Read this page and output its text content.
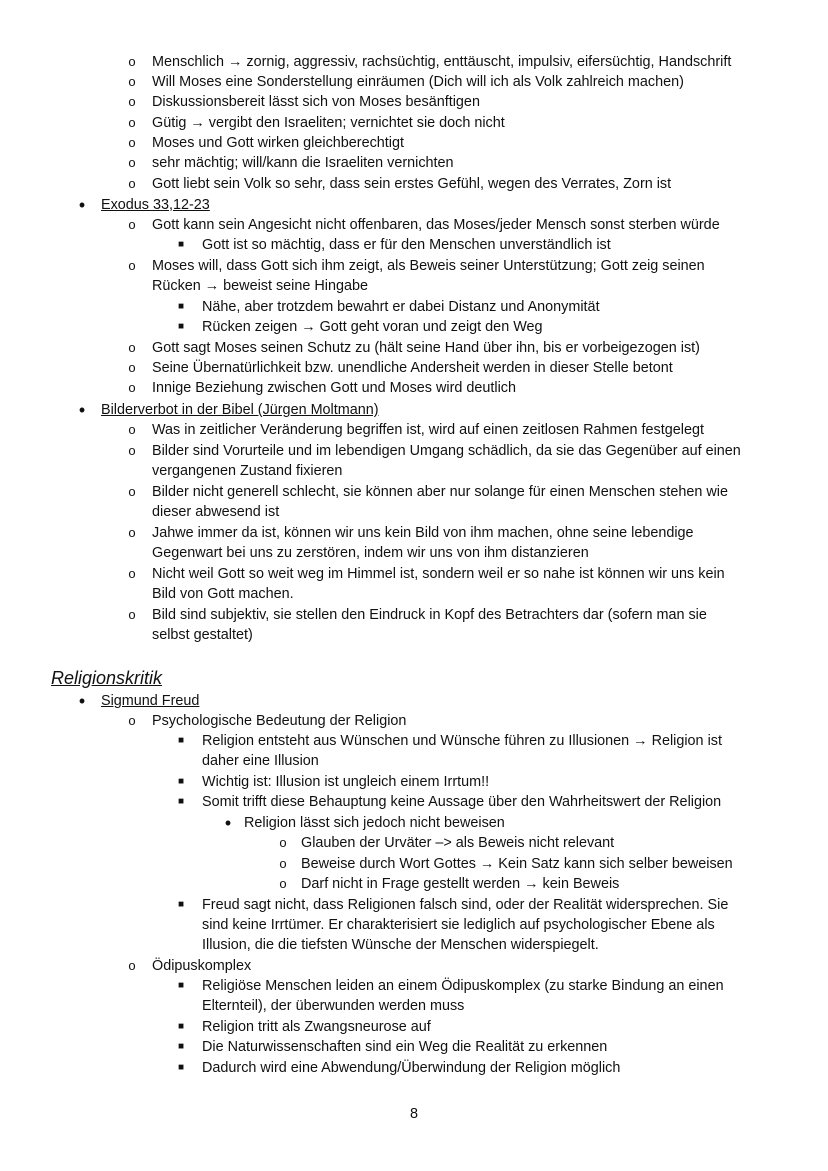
o Menschlich → zornig, aggressiv, rachsüchtig, enttäuscht, impulsiv, eifersüchtig, Handschrift
o Will Moses eine Sonderstellung einräumen (Dich will ich als Volk zahlreich machen)
o Diskussionsbereit lässt sich von Moses besänftigen
o Gütig → vergibt den Israeliten; vernichtet sie doch nicht
o Moses und Gott wirken gleichberechtigt
o sehr mächtig; will/kann die Israeliten vernichten
o Gott liebt sein Volk so sehr, dass sein erstes Gefühl, wegen des Verrates, Zorn ist
• Exodus 33,12-23
o Gott kann sein Angesicht nicht offenbaren, das Moses/jeder Mensch sonst sterben würde
■ Gott ist so mächtig, dass er für den Menschen unverständlich ist
o Moses will, dass Gott sich ihm zeigt, als Beweis seiner Unterstützung; Gott zeig seinen
Rücken → beweist seine Hingabe
■ Nähe, aber trotzdem bewahrt er dabei Distanz und Anonymität
■ Rücken zeigen → Gott geht voran und zeigt den Weg
o Gott sagt Moses seinen Schutz zu (hält seine Hand über ihn, bis er vorbeigezogen ist)
o Seine Übernatürlichkeit bzw. unendliche Andersheit werden in dieser Stelle betont
o Innige Beziehung zwischen Gott und Moses wird deutlich
• Bilderverbot in der Bibel (Jürgen Moltmann)
o Was in zeitlicher Veränderung begriffen ist, wird auf einen zeitlosen Rahmen festgelegt
o Bilder sind Vorurteile und im lebendigen Umgang schädlich, da sie das Gegenüber auf einen
vergangenen Zustand fixieren
o Bilder nicht generell schlecht, sie können aber nur solange für einen Menschen stehen wie
dieser abwesend ist
o Jahwe immer da ist, können wir uns kein Bild von ihm machen, ohne seine lebendige
Gegenwart bei uns zu zerstören, indem wir uns von ihm distanzieren
o Nicht weil Gott so weit weg im Himmel ist, sondern weil er so nahe ist können wir uns kein
Bild von Gott machen.
o Bild sind subjektiv, sie stellen den Eindruck in Kopf des Betrachters dar (sofern man sie
selbst gestaltet)
Religionskritik
• Sigmund Freud
o Psychologische Bedeutung der Religion
■ Religion entsteht aus Wünschen und Wünsche führen zu Illusionen → Religion ist
daher eine Illusion
■ Wichtig ist: Illusion ist ungleich einem Irrtum!!
■ Somit trifft diese Behauptung keine Aussage über den Wahrheitswert der Religion
• Religion lässt sich jedoch nicht beweisen
o Glauben der Urväter –> als Beweis nicht relevant
o Beweise durch Wort Gottes → Kein Satz kann sich selber beweisen
o Darf nicht in Frage gestellt werden → kein Beweis
■ Freud sagt nicht, dass Religionen falsch sind, oder der Realität widersprechen. Sie
sind keine Irrtümer. Er charakterisiert sie lediglich auf psychologischer Ebene als
Illusion, die die tiefsten Wünsche der Menschen widerspiegelt.
o Ödipuskomplex
■ Religiöse Menschen leiden an einem Ödipuskomplex (zu starke Bindung an einen
Elternteil), der überwunden werden muss
■ Religion tritt als Zwangsneurose auf
■ Die Naturwissenschaften sind ein Weg die Realität zu erkennen
■ Dadurch wird eine Abwendung/Überwindung der Religion möglich
8
